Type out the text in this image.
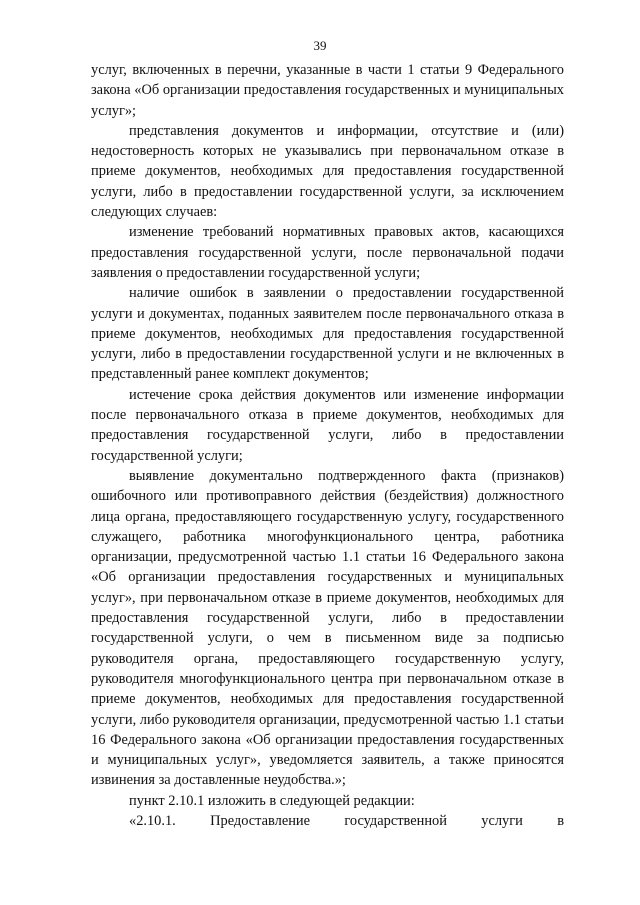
39

услуг, включенных в перечни, указанные в части 1 статьи 9 Федерального закона «Об организации предоставления государственных и муниципальных услуг»;

представления документов и информации, отсутствие и (или) недостоверность которых не указывались при первоначальном отказе в приеме документов, необходимых для предоставления государственной услуги, либо в предоставлении государственной услуги, за исключением следующих случаев:

изменение требований нормативных правовых актов, касающихся предоставления государственной услуги, после первоначальной подачи заявления о предоставлении государственной услуги;

наличие ошибок в заявлении о предоставлении государственной услуги и документах, поданных заявителем после первоначального отказа в приеме документов, необходимых для предоставления государственной услуги, либо в предоставлении государственной услуги и не включенных в представленный ранее комплект документов;

истечение срока действия документов или изменение информации после первоначального отказа в приеме документов, необходимых для предоставления государственной услуги, либо в предоставлении государственной услуги;

выявление документально подтвержденного факта (признаков) ошибочного или противоправного действия (бездействия) должностного лица органа, предоставляющего государственную услугу, государственного служащего, работника многофункционального центра, работника организации, предусмотренной частью 1.1 статьи 16 Федерального закона «Об организации предоставления государственных и муниципальных услуг», при первоначальном отказе в приеме документов, необходимых для предоставления государственной услуги, либо в предоставлении государственной услуги, о чем в письменном виде за подписью руководителя органа, предоставляющего государственную услугу, руководителя многофункционального центра при первоначальном отказе в приеме документов, необходимых для предоставления государственной услуги, либо руководителя организации, предусмотренной частью 1.1 статьи 16 Федерального закона «Об организации предоставления государственных и муниципальных услуг», уведомляется заявитель, а также приносятся извинения за доставленные неудобства.»;

пункт 2.10.1 изложить в следующей редакции:

«2.10.1. Предоставление государственной услуги в
